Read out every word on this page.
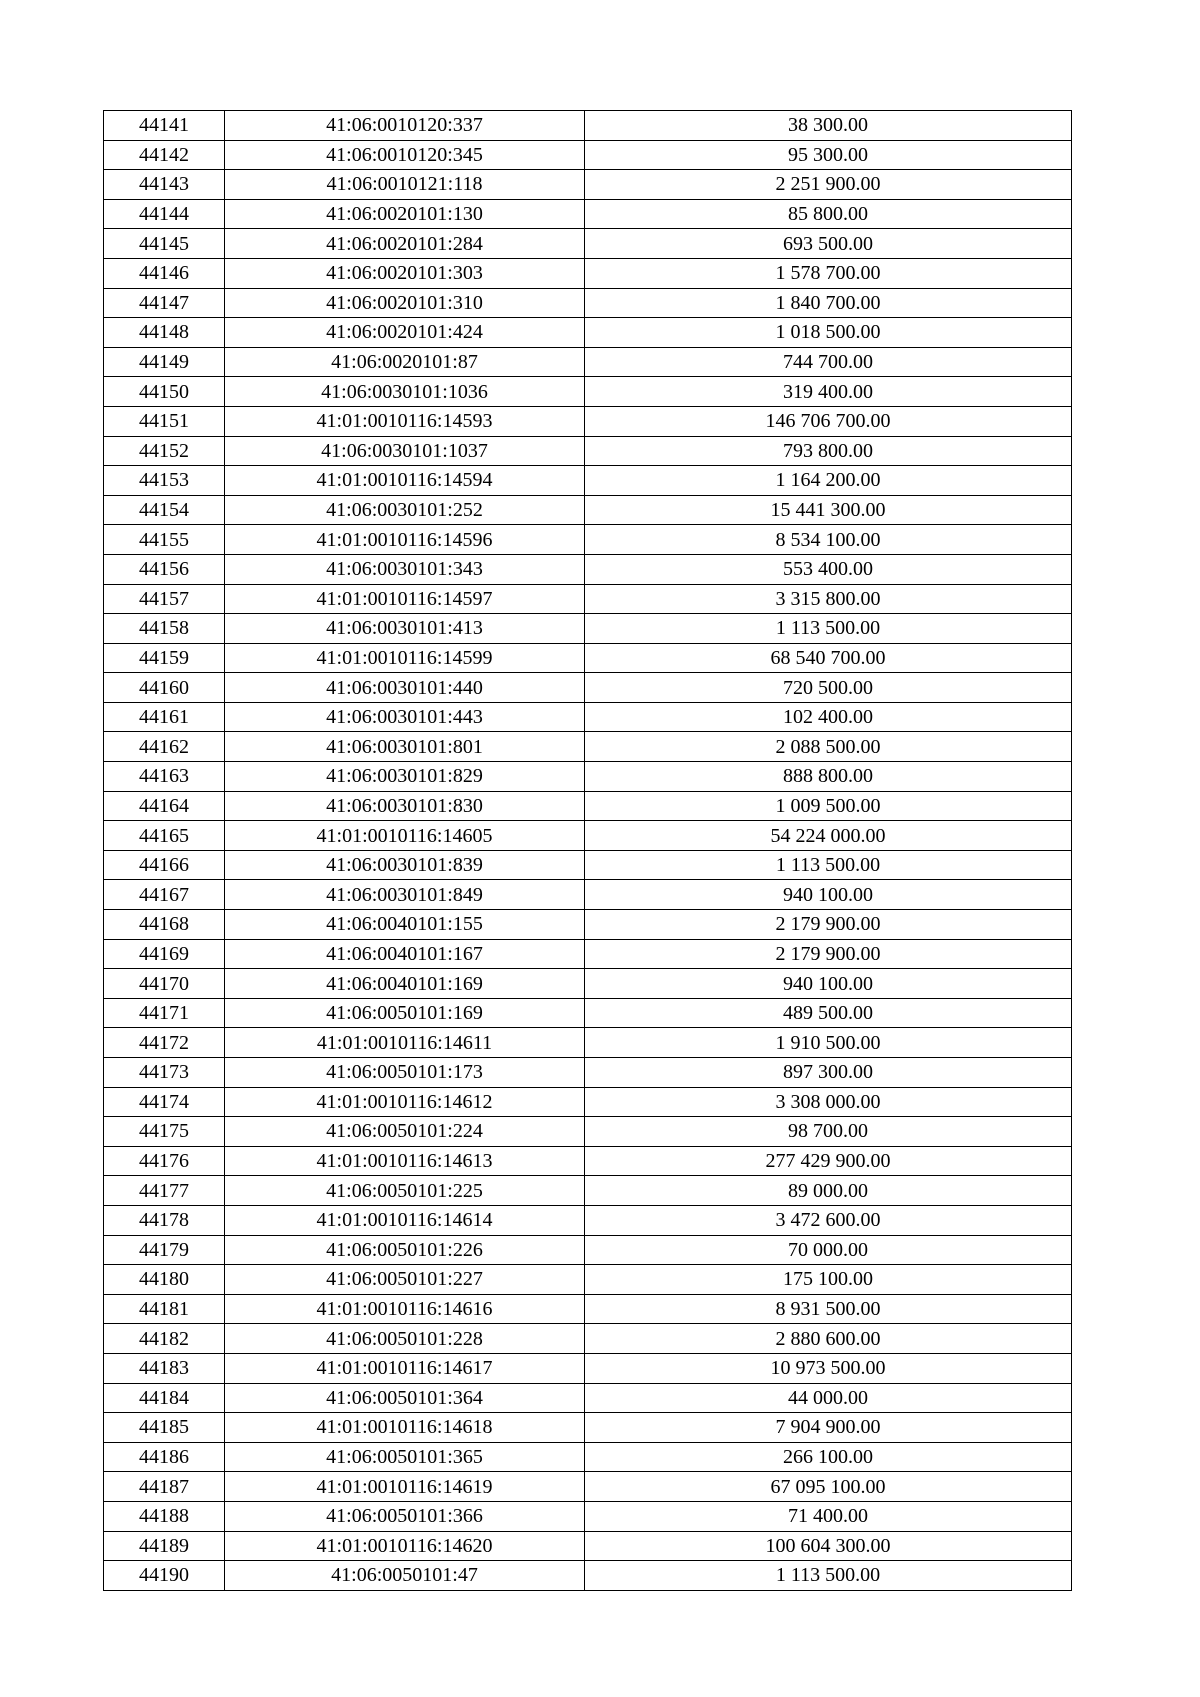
44141	41:06:0010120:337	38 300.00
44142	41:06:0010120:345	95 300.00
44143	41:06:0010121:118	2 251 900.00
44144	41:06:0020101:130	85 800.00
44145	41:06:0020101:284	693 500.00
44146	41:06:0020101:303	1 578 700.00
44147	41:06:0020101:310	1 840 700.00
44148	41:06:0020101:424	1 018 500.00
44149	41:06:0020101:87	744 700.00
44150	41:06:0030101:1036	319 400.00
44151	41:01:0010116:14593	146 706 700.00
44152	41:06:0030101:1037	793 800.00
44153	41:01:0010116:14594	1 164 200.00
44154	41:06:0030101:252	15 441 300.00
44155	41:01:0010116:14596	8 534 100.00
44156	41:06:0030101:343	553 400.00
44157	41:01:0010116:14597	3 315 800.00
44158	41:06:0030101:413	1 113 500.00
44159	41:01:0010116:14599	68 540 700.00
44160	41:06:0030101:440	720 500.00
44161	41:06:0030101:443	102 400.00
44162	41:06:0030101:801	2 088 500.00
44163	41:06:0030101:829	888 800.00
44164	41:06:0030101:830	1 009 500.00
44165	41:01:0010116:14605	54 224 000.00
44166	41:06:0030101:839	1 113 500.00
44167	41:06:0030101:849	940 100.00
44168	41:06:0040101:155	2 179 900.00
44169	41:06:0040101:167	2 179 900.00
44170	41:06:0040101:169	940 100.00
44171	41:06:0050101:169	489 500.00
44172	41:01:0010116:14611	1 910 500.00
44173	41:06:0050101:173	897 300.00
44174	41:01:0010116:14612	3 308 000.00
44175	41:06:0050101:224	98 700.00
44176	41:01:0010116:14613	277 429 900.00
44177	41:06:0050101:225	89 000.00
44178	41:01:0010116:14614	3 472 600.00
44179	41:06:0050101:226	70 000.00
44180	41:06:0050101:227	175 100.00
44181	41:01:0010116:14616	8 931 500.00
44182	41:06:0050101:228	2 880 600.00
44183	41:01:0010116:14617	10 973 500.00
44184	41:06:0050101:364	44 000.00
44185	41:01:0010116:14618	7 904 900.00
44186	41:06:0050101:365	266 100.00
44187	41:01:0010116:14619	67 095 100.00
44188	41:06:0050101:366	71 400.00
44189	41:01:0010116:14620	100 604 300.00
44190	41:06:0050101:47	1 113 500.00
